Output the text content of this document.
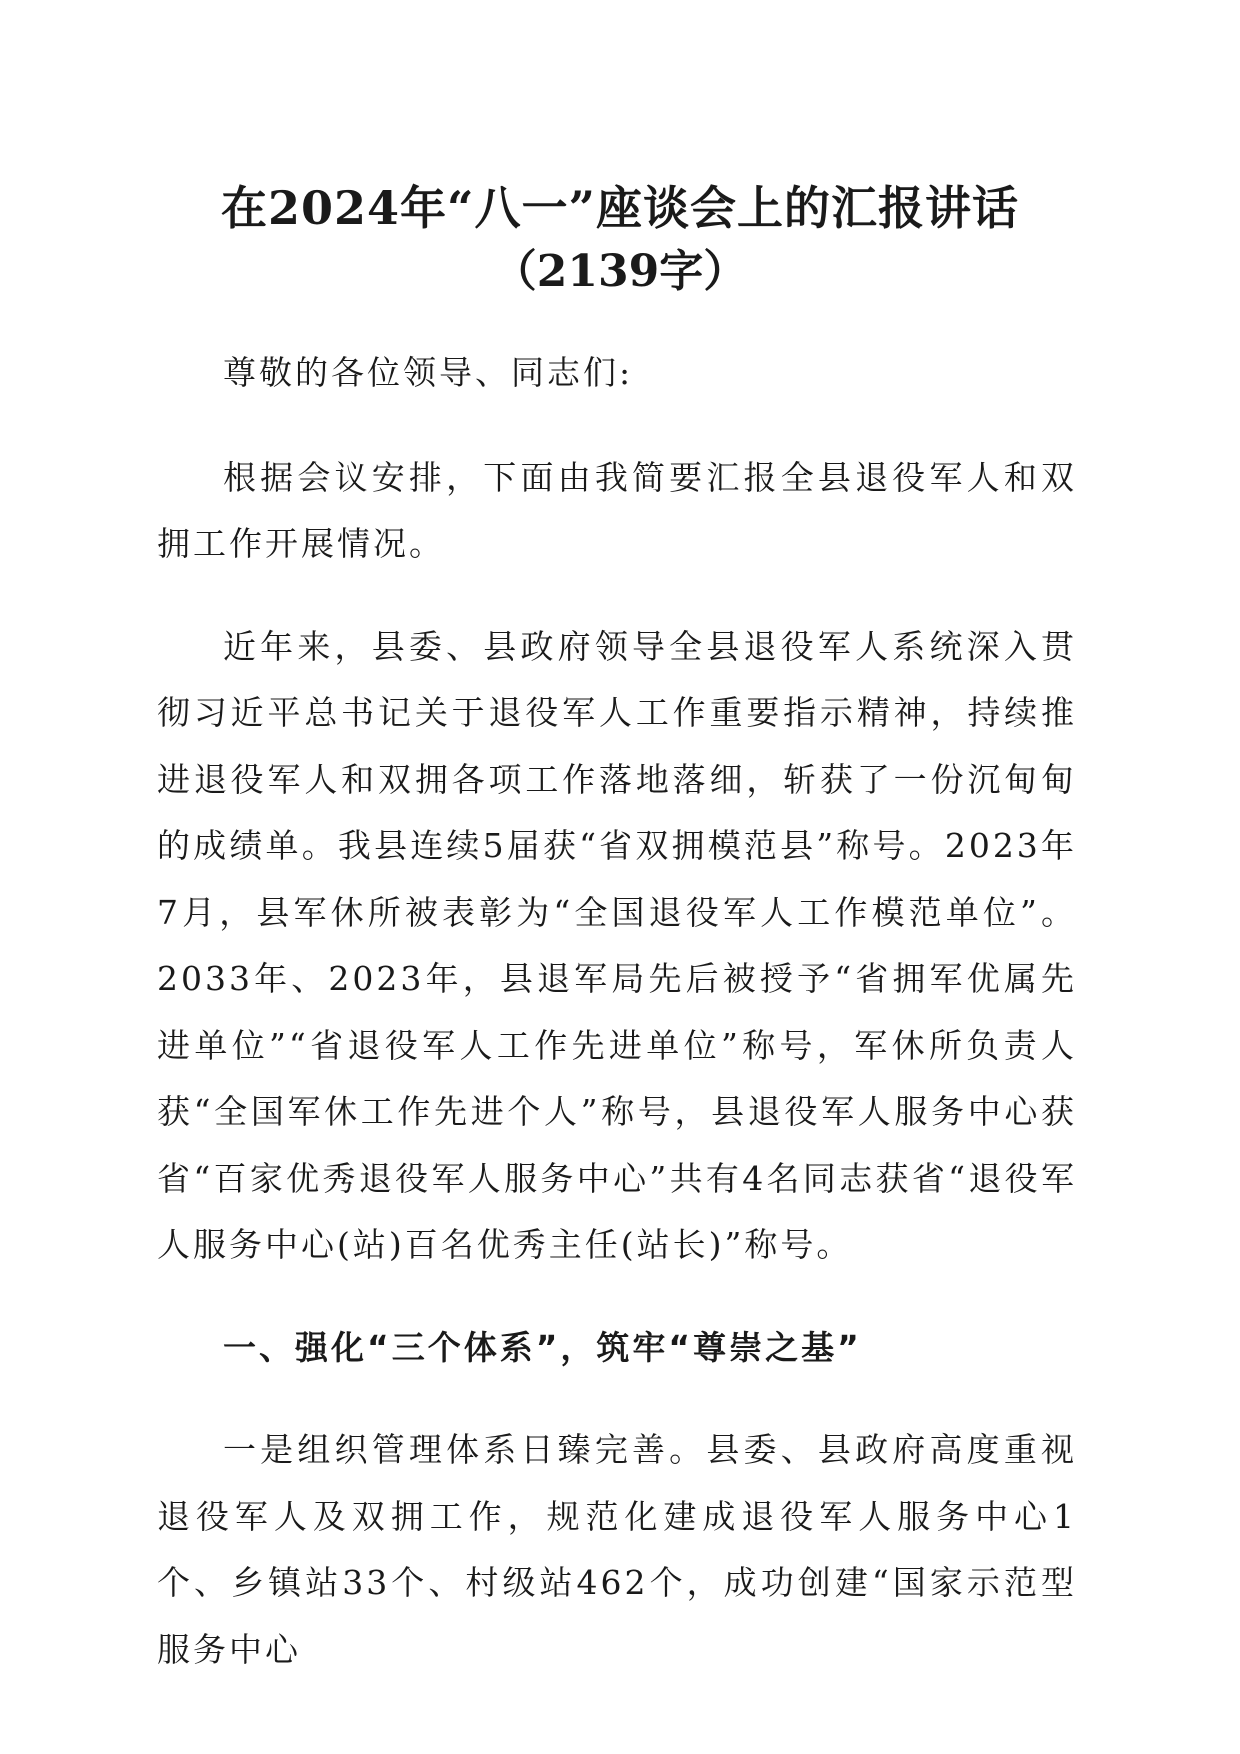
在2024年“八一”座谈会上的汇报讲话
（2139字）

尊敬的各位领导、同志们:

根据会议安排，下面由我简要汇报全县退役军人和双拥工作开展情况。

近年来，县委、县政府领导全县退役军人系统深入贯彻习近平总书记关于退役军人工作重要指示精神，持续推进退役军人和双拥各项工作落地落细，斩获了一份沉甸甸的成绩单。我县连续5届获“省双拥模范县”称号。2023年7月，县军休所被表彰为“全国退役军人工作模范单位”。2033年、2023年，县退军局先后被授予“省拥军优属先进单位”“省退役军人工作先进单位”称号，军休所负责人获“全国军休工作先进个人”称号，县退役军人服务中心获省“百家优秀退役军人服务中心”共有4名同志获省“退役军人服务中心(站)百名优秀主任(站长)”称号。

一、强化“三个体系”，筑牢“尊崇之基”

一是组织管理体系日臻完善。县委、县政府高度重视退役军人及双拥工作，规范化建成退役军人服务中心1个、乡镇站33个、村级站462个，成功创建“国家示范型服务中心
